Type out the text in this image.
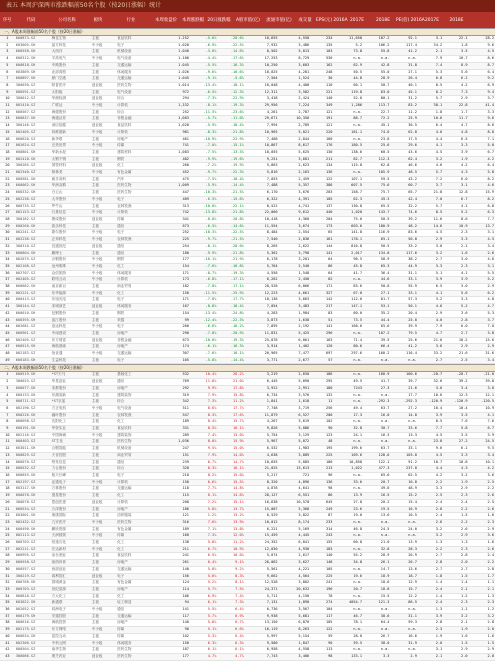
表五 本周沪深两市涨跌幅前50名个股（按20日涨幅）统计
序号	代码	公司名称	板块	行业	本周收盘价	本周涨跌幅 20日涨跌幅	A股市值(亿)	流通市值(亿)	成交量	EPS(元) 2016A 2017E	2018E	PE(倍) 2016A 2017E	2018E
一、A股本周涨幅前50名个股（按20日涨幅）
1	600873.SZ	梅花生物	主板	食品饮料	1.252	-5.6%	-20.6%	10,655	4,558	234	11,658	107.2	92.1	3.1	22.1	28.2
2	603005.SH	晶方科技	中小板	电子	1.028	-6.9%	-22.5%	7,932	3,486	135	5.2	106.2	117.4	34.2	1.8	9.6
3	600558.SH	大西洋	主板	机械设备	1.040	-3.0%	-14.6%	8,502	5,013	103	73.8	55.8	41.2	2.1	3.5	4.5
4	600312.SH	平高电气	中小板	电气设备	1.100	-4.4%	-17.6%	17,253	8,729	530	n.a.	n.a.	n.a.	7.9	10.7	8.6
5	600818.SH	中路股份	主板	交通运输	1.045	-5.5%	-16.3%	10,250	3,603	162	62.9	42.8	31.8	7.4	8.9	8.7
6	603869.SH	北部湾旅	主板	休闲服务	1.026	-9.6%	-16.6%	10,025	4,281	248	50.5	55.0	27.1	5.3	5.6	6.4
7	600897.SH	厦门空港	主板	交通运输	1.045	-9.1%	-5.6%	7,504	1,524	30	44.8	28.9	26.4	6.8	6.2	9.2
8	300030.SZ	阳普医疗	创业板	医药生物	1.014	-13.4%	-18.1%	10,048	4,408	110	60.1	50.7	40.1	8.5	4.2	6.9
9	000591.SZ	太阳能	主板	电气设备	972	-6.5%	-12.3%	12,311	3,582	221	119.8	63.0	45.1	8.2	7.3	9.4
10	300012.SZ	华测检测	创业板	综合	294	-7.3%	-22.9%	3,418	2,424	140	52.0	80.1	31.2	5.7	2.9	3.7
11	002410.SZ	广联达	中小板	计算机	1,332	-8.1%	-19.3%	29,956	7,224	349	1,286	113.7	83.2	38.1	22.8	41.4
12	000567.SZ	海德股份	主板	综合	252	-11.5%	-23.6%	4,261	2,787	121	n.a.	22.7	11.2	1.8	1.7	3.3
13	600837.SH	海通证券	主板	非银金融	1,083	-5.7%	-11.0%	29,671	10,356	191	88.7	72.2	25.9	10.6	11.7	9.6
14	300146.SZ	汤臣倍健	创业板	食品饮料	1,028	-5.9%	-18.4%	7,994	2,789	121	n.a.	45.1	36.5	6.4	4.7	8.6
15	002405.SZ	四维图新	中小板	计算机	981	-8.3%	-21.8%	10,965	5,021	220	181.1	74.6	62.8	4.6	4.8	8.0
16	000620.SZ	新华联	主板	房地产	461	-10.9%	-22.9%	7,468	2,844	160	n.a.	23.8	17.5	4.4	6.5	7.1
17	002624.SZ	完美世界	中小板	传媒	741	-7.0%	-15.1%	10,867	8,617	176	180.5	25.6	29.6	4.1	3.3	5.0
18	600801.SH	华新水泥	主板	建筑材料	1,083	-7.5%	-13.3%	10,055	5,625	130	138.6	60.5	43.6	4.5	3.9	6.7
19	002410.SH	太钢不锈	主板	钢铁	482	-9.9%	-19.6%	9,251	3,681	211	82.7	112.3	62.4	3.2	1.9	4.2
20	300285.SZ	国瓷材料	创业板	化工	260	-7.2%	-19.9%	5,863	2,623	134	115.8	62.8	46.6	4.6	4.2	6.4
21	002340.SZ	格林美	中小板	有色金属	452	-9.7%	-22.3%	5,816	2,163	136	n.a.	105.9	48.5	5.7	4.3	5.8
22	000581.SH	威孚高科	主板	汽车	475	-7.5%	-18.4%	7,053	2,459	122	107.1	59.5	43.2	7.2	6.0	8.2
23	600062.SH	华润双鹤	主板	医药生物	1,009	-5.9%	-14.4%	7,488	5,357	386	607.5	75.6	60.7	3.7	3.1	4.6
24	600332.SH	白云山	主板	医药生物	447	-10.3%	-21.5%	6,170	3,676	203	158.7	75.7	65.7	21.8	12.8	15.9
25	002236.SZ	大华股份	中小板	电子	409	-6.5%	-15.6%	6,322	4,391	105	62.3	45.3	42.4	7.0	6.7	8.2
26	000735.SZ	罗牛山	主板	农林牧渔	313	-10.0%	-22.1%	8,522	4,741	137	130.8	65.5	32.2	5.7	4.1	6.8
27	002153.SZ	石基信息	中小板	计算机	742	-13.8%	-21.8%	22,060	9,612	440	1,020	143.7	74.6	8.5	5.2	6.3
28	300182.SZ	捷成股份	创业板	传媒	341	-8.0%	-20.8%	10,418	4,360	204	75.0	50.5	39.2	11.6	8.6	7.7
29	600260.SH	凯乐科技	主板	通信	673	-6.5%	-14.6%	11,554	3,674	173	603.6	180.9	48.2	14.6	10.9	13.7
30	002241.SZ	歌尔股份	中小板	电子	252	-10.3%	-22.5%	8,484	2,554	65	141.8	116.9	83.6	4.5	2.3	3.1
31	002236.SZ	正邦科技	中小板	农林牧渔	225	-9.7%	-21.5%	7,540	2,836	161	178.1	65.1	56.8	2.9	3.3	4.5
32	300310.SZ	宜通世纪	创业板	通信	254	-8.1%	-20.0%	8,265	2,622	144	816.8	50.5	33.2	3.0	2.1	3.4
33	600804.SH	鹏博士	主板	通信	180	-9.9%	-21.8%	5,362	3,798	141	2,017	134.8	117.6	3.2	1.6	2.6
34	002075.SZ	沙钢股份	中小板	钢铁	177	-10.1%	-21.9%	6,178	3,201	64	98.5	58.9	38.2	2.7	3.0	4.6
35	002108.SZ	沧州明珠	中小板	化工	154	-7.6%	-16.8%	5,764	2,540	86	45.8	65.3	44.9	3.3	2.3	3.1
36	002707.SZ	众信旅游	中小板	休闲服务	171	-8.7%	-19.3%	4,558	1,548	64	41.7	36.4	31.1	5.1	4.1	5.5
37	002405.SZ	联络互动	中小板	计算机	173	-6.8%	-17.1%	6,262	2,458	82	n.a.	44.6	33.1	3.9	3.9	5.2
38	600682.SH	南京新百	主板	商业贸易	182	-7.0%	-17.1%	28,528	6,866	171	83.6	50.8	55.9	6.5	3.0	2.9
39	002221.SZ	东华能源	中小板	化工	150	-11.5%	-25.9%	12,223	4,661	327	67.0	27.1	33.1	4.1	5.6	6.2
40	000413.SZ	东旭光电	主板	电子	171	-7.8%	-17.7%	10,136	3,663	142	112.0	81.7	57.3	3.2	3.3	4.8
41	300144.SZ	宋城演艺	创业板	休闲服务	167	-8.8%	-18.4%	7,054	3,483	217	147.1	53.1	50.1	4.6	5.2	4.7
42	600010.SH	包钢股份	主板	钢铁	154	-13.4%	-24.8%	4,283	1,984	83	60.0	35.2	20.4	2.9	3.6	5.3
43	600395.SH	盘江股份	主板	采掘	99	-12.4%	-22.3%	3,873	1,638	51	73.5	44.4	25.0	4.0	2.8	3.7
44	002681.SZ	奋达科技	中小板	电子	260	-6.6%	-16.2%	7,895	2,192	141	168.6	65.6	39.9	7.9	6.0	7.0
45	000961.SZ	中南建设	主板	房地产	290	-7.8%	-20.9%	11,831	5,425	296	n.a.	107.2	79.5	4.7	2.7	3.8
46	002405.SZ	东方财富	创业板	非银金融	673	-10.0%	-19.3%	25,078	6,061	163	71.4	39.5	25.6	21.6	18.2	15.6
47	600515.SH	海航基础	主板	房地产	174	-6.1%	-16.3%	3,914	1,402	120	80.6	66.4	41.2	3.6	2.9	2.9
48	002183.SZ	怡亚通	中小板	交通运输	307	-7.6%	-16.1%	20,965	7,477	697	297.6	160.2	116.4	33.2	21.6	31.6
49	600183.SH	生益科技	主板	电子	105	-5.8%	-14.4%	3,771	2,677	57	n.a.	n.a.	n.a.	2.7	2.5	3.4
二、A股本周跌幅前50名个股（按20日涨幅）
1	600519.SH	*ST天马	主板	基础化工	532	10.4%	26.2%	3,219	2,650	186	n.a.	160.9	160.6	-20.7	-20.7	-21.0
2	300025.SZ	华星创业	创业板	通信	769	11.8%	21.0%	6,445	5,090	295	49.5	41.7	39.7	32.6	39.2	39.8
3	600077.SH	宋都股份	主板	房地产	292	9.9%	17.8%	3,922	2,951	180	7243	27.3	21.6	3.6	3.4	3.0
4	600133.SH	东湖高新	主板	建筑装饰	319	7.9%	15.8%	6,734	3,576	132	n.a.	n.a.	17.7	10.6	12.3	12.1
5	000711.SZ	*ST京蓝	主板	综合	342	7.3%	11.2%	1,841	1,618	11	n.a.	-292.3	-292.3	-120.9	-120.9	-120.5
6	002196.SZ	方正电机	中小板	电气设备	511	8.6%	17.7%	7,748	3,719	256	49.4	63.7	27.2	10.4	10.4	10.9
7	600226.SH	瀚叶股份	主板	农林牧渔	547	8.3%	17.6%	11,879	6,527	200	17.3	16.0	14.8	3.9	3.5	4.1
8	000698.SZ	沈阳化工	主板	化工	189	8.4%	15.7%	4,267	3,619	102	n.a.	n.a.	n.a.	8.5	7.6	7.6
9	600191.SH	华资实业	主板	食品饮料	331	8.5%	16.1%	9,826	5,086	90	32.8	30.7	33.6	7.7	5.8	6.7
10	002116.SZ	中国海诚	中小板	建筑装饰	289	7.4%	13.0%	5,754	3,129	123	24.1	16.3	13.3	4.5	3.5	3.9
11	000403.SZ	ST生化	主板	医药生物	1,036	8.0%	15.9%	5,967	5,072	48	n.a.	n.a.	n.a.	23.8	27.2	24.5
12	603011.SH	合锻智能	主板	机械设备	247	9.5%	15.0%	6,532	1,983	195	199.6	63.7	33.1	9.6	6.1	9.5
13	000829.SZ	天音控股	主板	商业贸易	151	7.9%	14.0%	4,638	3,889	225	109.6	128.6	103.8	4.5	3.3	3.4
14	000070.SZ	特发信息	主板	通信	239	6.7%	14.7%	10,655	5,085	180	10,858	122.1	91.2	10.7	10.8	10.1
15	000532.SZ	力合股份	主板	综合	328	8.3%	16.1%	21,025	13,613	213	1,022	477.3	237.8	4.4	4.3	4.2
16	600855.SH	航天长峰	主板	电子	218	8.2%	15.0%	5,217	721	96	n.a.	65.6	62.5	4.2	3.2	3.6
17	002197.SZ	证通电子	中小板	计算机	150	6.6%	15.5%	8,320	4,896	136	33.6	20.7	16.8	2.2	1.9	2.5
18	603117.SH	万林股份	主板	交通运输	118	7.7%	14.8%	4,878	4,641	98	n.a.	49.6	48.9	3.3	2.9	2.2
19	600078.SH	澄星股份	主板	化工	115	6.1%	14.6%	28,127	6,551	86	13.9	16.5	15.2	2.5	2.3	2.6
20	300078.SZ	思创医惠	创业板	计算机	208	7.2%	15.1%	16,638	10,578	645	27.8	20.2	15.4	2.4	2.4	2.5
21	000534.SZ	万泽股份	主板	房地产	186	5.8%	13.7%	15,087	5,368	249	23.6	19.5	16.9	2.8	2.2	2.6
22	603001.SH	奥康国际	主板	纺织服装	121	1.2%	13.2%	6,529	3,822	87	19.0	13.6	10.5	2.4	1.5	1.6
23	002432.SZ	九安医疗	中小板	医药生物	316	7.6%	13.9%	10,012	8,174	233	n.a.	n.a.	n.a.	2.6	2.2	2.3
24	600490.SH	鹏欣资源	主板	有色金属	189	7.1%	13.8%	6,221	5,169	314	46.8	24.5	24.0	3.2	2.6	2.9
25	002113.SZ	天润数娱	中小板	传媒	160	7.3%	12.0%	15,459	4,445	243	n.a.	n.a.	n.a.	3.2	2.9	3.6
26	000703.SZ	恒逸石化	主板	化工	138	5.8%	11.2%	24,352	6,841	155	60.8	21.0	13.9	1.3	1.3	1.6
27	002211.SZ	宏达新材	中小板	化工	211	6.7%	10.9%	12,030	4,930	183	n.a.	32.8	28.3	2.2	2.3	2.6
28	000995.SZ	皇台酒业	主板	食品饮料	241	6.5%	10.0%	5,074	2,617	140	55.2	28.9	26.9	2.7	2.8	2.4
29	000558.SZ	莱茵体育	主板	房地产	261	6.4%	9.1%	26,062	3,627	148	34.8	26.1	26.7	2.8	2.0	2.2
30	000557.SZ	西部创业	主板	交通运输	140	5.8%	9.2%	5,561	4,221	105	n.a.	14.7	13.6	2.7	2.7	2.8
31	300219.SZ	鸿利智汇	创业板	电子	156	5.6%	8.3%	9,662	4,564	225	19.6	18.9	18.7	1.8	1.5	1.7
32	600766.SH	园城黄金	主板	有色金属	124	5.2%	8.1%	12,528	3,802	241	n.a.	18.6	12.9	1.4	1.4	1.1
33	000703.SZ	世纪星源	主板	房地产	114	5.7%	7.5%	24,371	20,632	196	20.7	18.8	15.7	2.4	2.1	2.1
34	000818.SZ	方大化工	主板	化工	106	6.9%	7.4%	5,711	4,150	78	n.a.	15.5	12.2	1.4	1.2	1.3
35	603022.SH	新通联	主板	轻工制造	94	6.1%	7.3%	7,131	1,890	274	4054.7	121.3	86.5	2.4	2.3	2.3
36	002052.SZ	同洲电子	中小板	通信	141	5.5%	6.4%	6,736	3,567	104	n.a.	n.a.	n.a.	1.3	1.1	1.2
37	600179.SH	安通控股	主板	交通运输	117	5.7%	6.9%	9,938	5,681	117	46.7	38.6	31.1	3.9	3.2	3.2
38	000616.SZ	海航投资	主板	房地产	140	5.8%	6.7%	13,150	6,870	105	78.1	64.4	59.3	2.8	2.1	2.8
39	002175.SZ	东方网络	中小板	传媒	90	5.1%	6.6%	16,119	8,263	122	n.a.	n.a.	n.a.	2.3	1.9	2.0
40	600634.SH	富控互动	主板	传媒	102	5.3%	6.4%	5,997	5,154	59	28.0	26.7	16.6	1.9	1.6	1.6
41	002306.SZ	中科云网	中小板	休闲服务	150	6.3%	6.3%	9,580	1,847	90	59.5	38.0	31.9	2.0	1.5	1.5
42	000504.SZ	南华生物	主板	医药生物	187	6.1%	6.1%	6,958	4,558	113	n.a.	n.a.	n.a.	3.1	2.9	2.9
43	300086.SZ	康芝药业	创业板	医药生物	177	4.7%	4.7%	7,743	3,406	98	133.1	3.3	2.9	2.1	2.0	2.0
